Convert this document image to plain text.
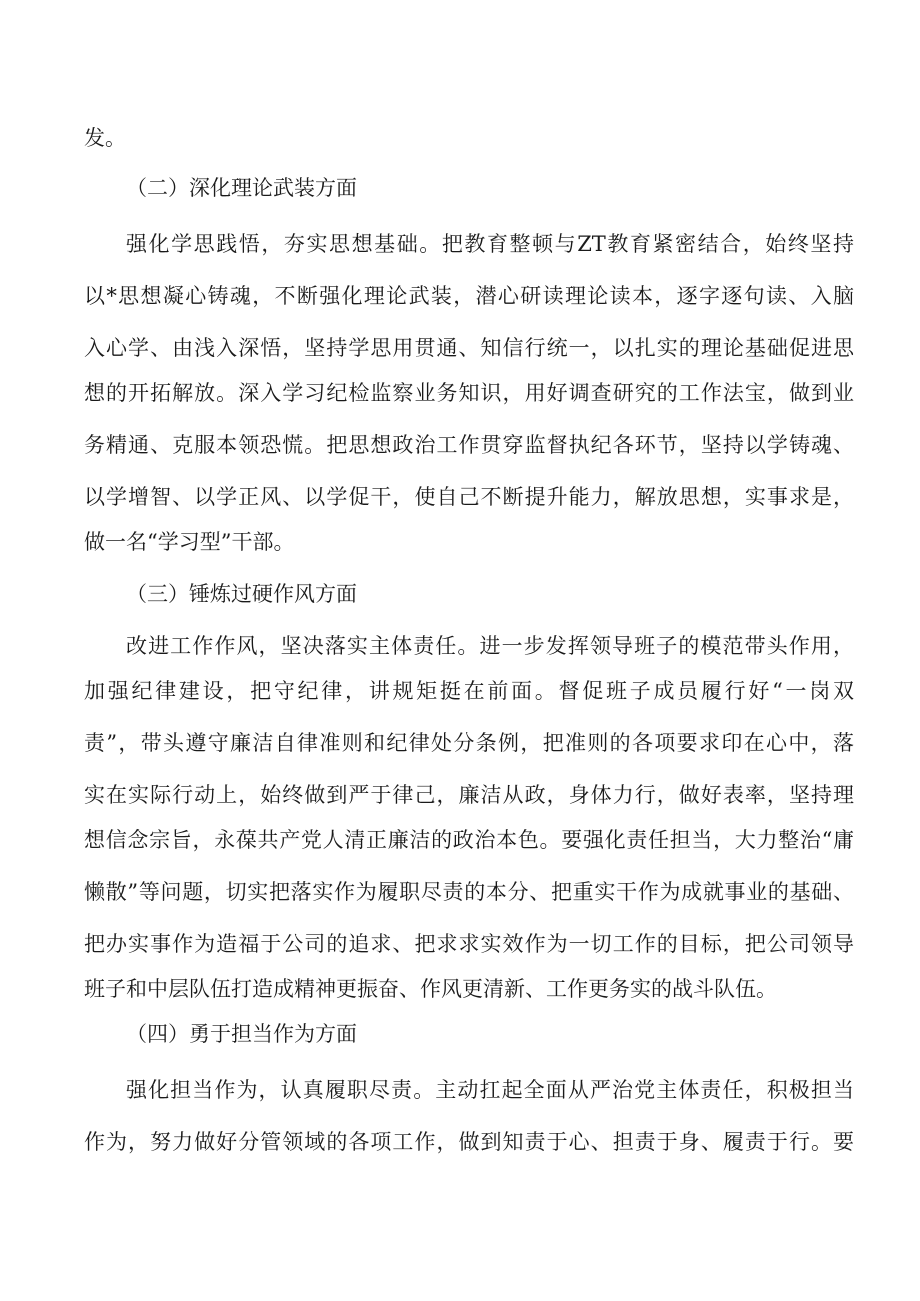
发。
（二）深化理论武装方面
强化学思践悟，夯实思想基础。把教育整顿与ZT教育紧密结合，始终坚持
以*思想凝心铸魂，不断强化理论武装，潜心研读理论读本，逐字逐句读、入脑
入心学、由浅入深悟，坚持学思用贯通、知信行统一，以扎实的理论基础促进思
想的开拓解放。深入学习纪检监察业务知识，用好调查研究的工作法宝，做到业
务精通、克服本领恐慌。把思想政治工作贯穿监督执纪各环节，坚持以学铸魂、
以学增智、以学正风、以学促干，使自己不断提升能力，解放思想，实事求是，
做一名“学习型”干部。
（三）锤炼过硬作风方面
改进工作作风，坚决落实主体责任。进一步发挥领导班子的模范带头作用，
加强纪律建设，把守纪律，讲规矩挺在前面。督促班子成员履行好“一岗双
责”，带头遵守廉洁自律准则和纪律处分条例，把准则的各项要求印在心中，落
实在实际行动上，始终做到严于律己，廉洁从政，身体力行，做好表率，坚持理
想信念宗旨，永葆共产党人清正廉洁的政治本色。要强化责任担当，大力整治“庸
懒散”等问题，切实把落实作为履职尽责的本分、把重实干作为成就事业的基础、
把办实事作为造福于公司的追求、把求求实效作为一切工作的目标，把公司领导
班子和中层队伍打造成精神更振奋、作风更清新、工作更务实的战斗队伍。
（四）勇于担当作为方面
强化担当作为，认真履职尽责。主动扛起全面从严治党主体责任，积极担当
作为，努力做好分管领域的各项工作，做到知责于心、担责于身、履责于行。要
